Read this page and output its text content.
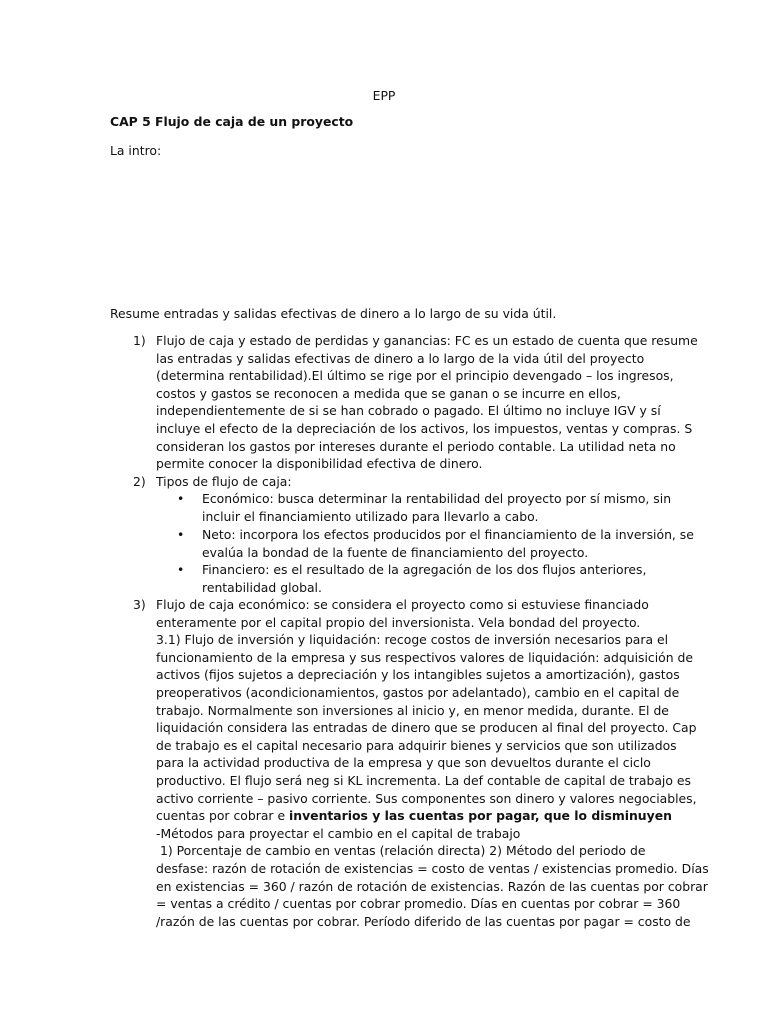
EPP
CAP 5 Flujo de caja de un proyecto
La intro:
Resume entradas y salidas efectivas de dinero a lo largo de su vida útil.
1) Flujo de caja y estado de perdidas y ganancias: FC es un estado de cuenta que resume
las entradas y salidas efectivas de dinero a lo largo de la vida útil del proyecto
(determina rentabilidad).El último se rige por el principio devengado – los ingresos,
costos y gastos se reconocen a medida que se ganan o se incurre en ellos,
independientemente de si se han cobrado o pagado. El último no incluye IGV y sí
incluye el efecto de la depreciación de los activos, los impuestos, ventas y compras. S
consideran los gastos por intereses durante el periodo contable. La utilidad neta no
permite conocer la disponibilidad efectiva de dinero.
2) Tipos de flujo de caja:
• Económico: busca determinar la rentabilidad del proyecto por sí mismo, sin
incluir el financiamiento utilizado para llevarlo a cabo.
• Neto: incorpora los efectos producidos por el financiamiento de la inversión, se
evalúa la bondad de la fuente de financiamiento del proyecto.
• Financiero: es el resultado de la agregación de los dos flujos anteriores,
rentabilidad global.
3) Flujo de caja económico: se considera el proyecto como si estuviese financiado
enteramente por el capital propio del inversionista. Vela bondad del proyecto.
3.1) Flujo de inversión y liquidación: recoge costos de inversión necesarios para el
funcionamiento de la empresa y sus respectivos valores de liquidación: adquisición de
activos (fijos sujetos a depreciación y los intangibles sujetos a amortización), gastos
preoperativos (acondicionamientos, gastos por adelantado), cambio en el capital de
trabajo. Normalmente son inversiones al inicio y, en menor medida, durante. El de
liquidación considera las entradas de dinero que se producen al final del proyecto. Cap
de trabajo es el capital necesario para adquirir bienes y servicios que son utilizados
para la actividad productiva de la empresa y que son devueltos durante el ciclo
productivo. El flujo será neg si KL incrementa. La def contable de capital de trabajo es
activo corriente – pasivo corriente. Sus componentes son dinero y valores negociables,
cuentas por cobrar e inventarios y las cuentas por pagar, que lo disminuyen
-Métodos para proyectar el cambio en el capital de trabajo
1) Porcentaje de cambio en ventas (relación directa) 2) Método del periodo de
desfase: razón de rotación de existencias = costo de ventas / existencias promedio. Días
en existencias = 360 / razón de rotación de existencias. Razón de las cuentas por cobrar
= ventas a crédito / cuentas por cobrar promedio. Días en cuentas por cobrar = 360
/razón de las cuentas por cobrar. Período diferido de las cuentas por pagar = costo de
